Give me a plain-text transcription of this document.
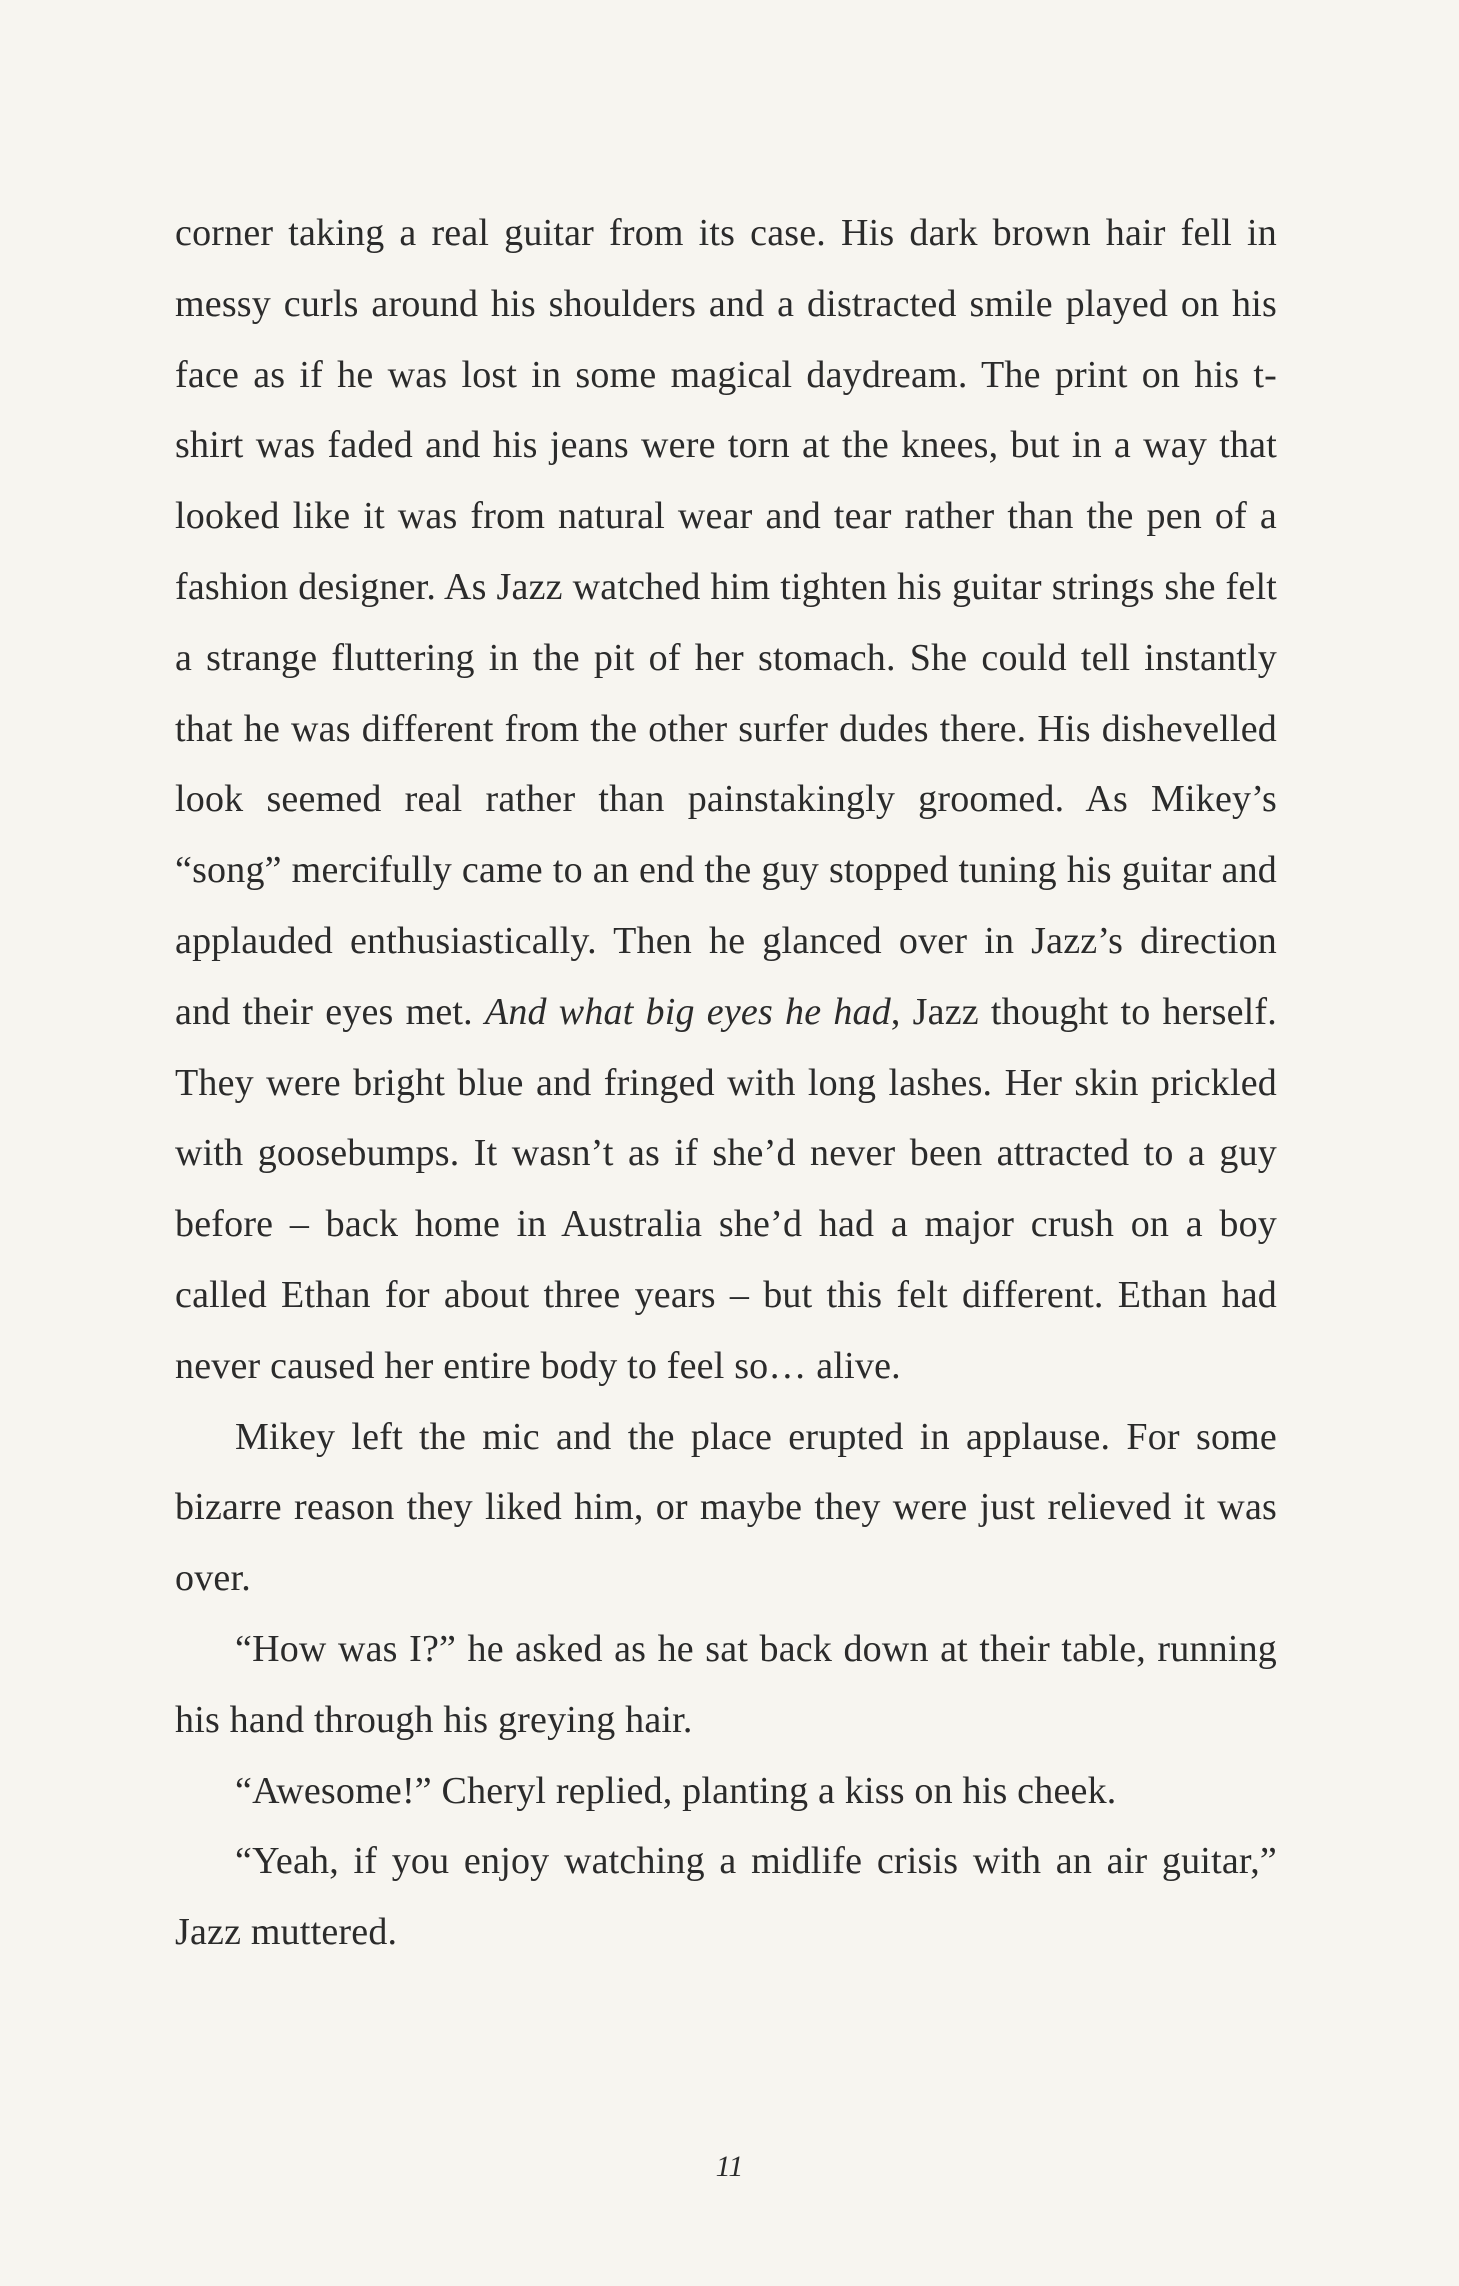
corner taking a real guitar from its case. His dark brown hair fell in messy curls around his shoulders and a distracted smile played on his face as if he was lost in some magical daydream. The print on his t-shirt was faded and his jeans were torn at the knees, but in a way that looked like it was from natural wear and tear rather than the pen of a fashion designer. As Jazz watched him tighten his guitar strings she felt a strange fluttering in the pit of her stomach. She could tell instantly that he was different from the other surfer dudes there. His dishevelled look seemed real rather than painstakingly groomed. As Mikey’s “song” mercifully came to an end the guy stopped tuning his guitar and applauded enthusiastically. Then he glanced over in Jazz’s direction and their eyes met. And what big eyes he had, Jazz thought to herself. They were bright blue and fringed with long lashes. Her skin prickled with goosebumps. It wasn’t as if she’d never been attracted to a guy before – back home in Australia she’d had a major crush on a boy called Ethan for about three years – but this felt different. Ethan had never caused her entire body to feel so… alive.

Mikey left the mic and the place erupted in applause. For some bizarre reason they liked him, or maybe they were just relieved it was over.

“How was I?” he asked as he sat back down at their table, running his hand through his greying hair.

“Awesome!” Cheryl replied, planting a kiss on his cheek.

“Yeah, if you enjoy watching a midlife crisis with an air guitar,” Jazz muttered.

11
